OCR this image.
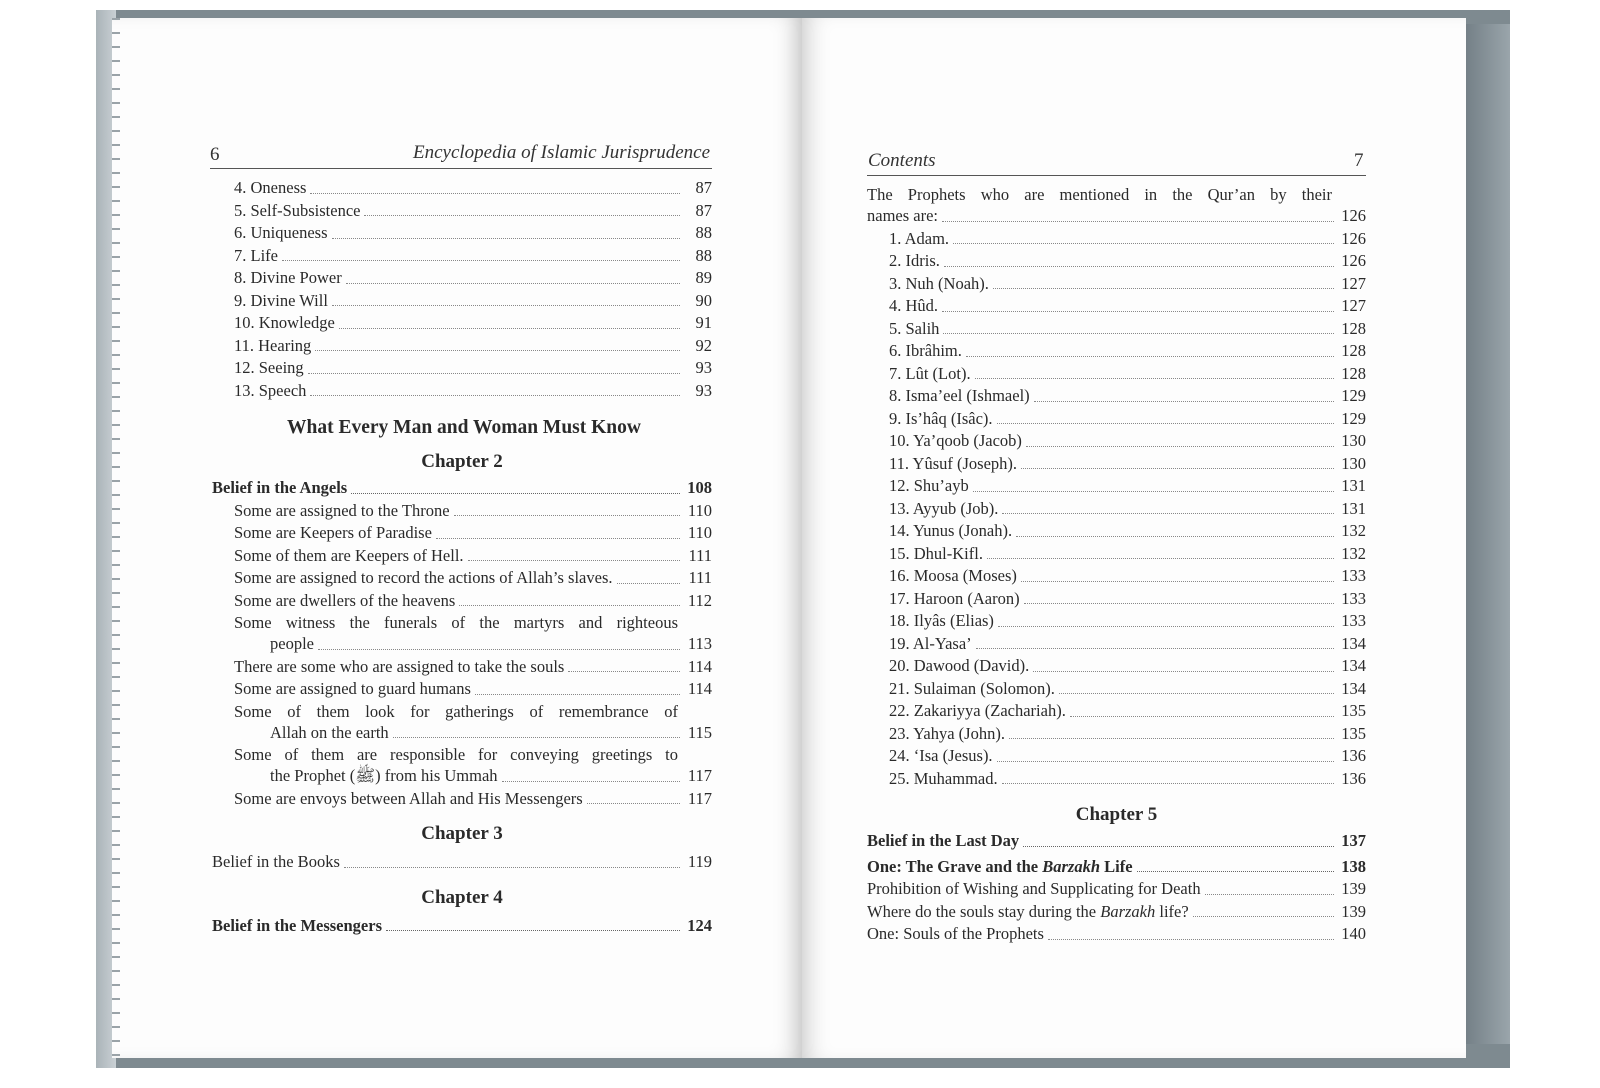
6	Encyclopedia of Islamic Jurisprudence
4. Oneness	87
5. Self-Subsistence	87
6. Uniqueness	88
7. Life	88
8. Divine Power	89
9. Divine Will	90
10. Knowledge	91
11. Hearing	92
12. Seeing	93
13. Speech	93
What Every Man and Woman Must Know
Chapter 2
Belief in the Angels	108
Some are assigned to the Throne	110
Some are Keepers of Paradise	110
Some of them are Keepers of Hell.	111
Some are assigned to record the actions of Allah’s slaves.	111
Some are dwellers of the heavens	112
Some witness the funerals of the martyrs and righteous
people	113
There are some who are assigned to take the souls	114
Some are assigned to guard humans	114
Some of them look for gatherings of remembrance of
Allah on the earth	115
Some of them are responsible for conveying greetings to
the Prophet (ﷺ) from his Ummah	117
Some are envoys between Allah and His Messengers	117
Chapter 3
Belief in the Books	119
Chapter 4
Belief in the Messengers	124
Contents	7
The Prophets who are mentioned in the Qur’an by their
names are:	126
1. Adam.	126
2. Idris.	126
3. Nuh (Noah).	127
4. Hûd.	127
5. Salih	128
6. Ibrâhim.	128
7. Lût (Lot).	128
8. Isma’eel (Ishmael)	129
9. Is’hâq (Isâc).	129
10. Ya’qoob (Jacob)	130
11. Yûsuf (Joseph).	130
12. Shu’ayb	131
13. Ayyub (Job).	131
14. Yunus (Jonah).	132
15. Dhul-Kifl.	132
16. Moosa (Moses)	133
17. Haroon (Aaron)	133
18. Ilyâs (Elias)	133
19. Al-Yasa’	134
20. Dawood (David).	134
21. Sulaiman (Solomon).	134
22. Zakariyya (Zachariah).	135
23. Yahya (John).	135
24. ‘Isa (Jesus).	136
25. Muhammad.	136
Chapter 5
Belief in the Last Day	137
One: The Grave and the Barzakh Life	138
Prohibition of Wishing and Supplicating for Death	139
Where do the souls stay during the Barzakh life?	139
One: Souls of the Prophets	140
